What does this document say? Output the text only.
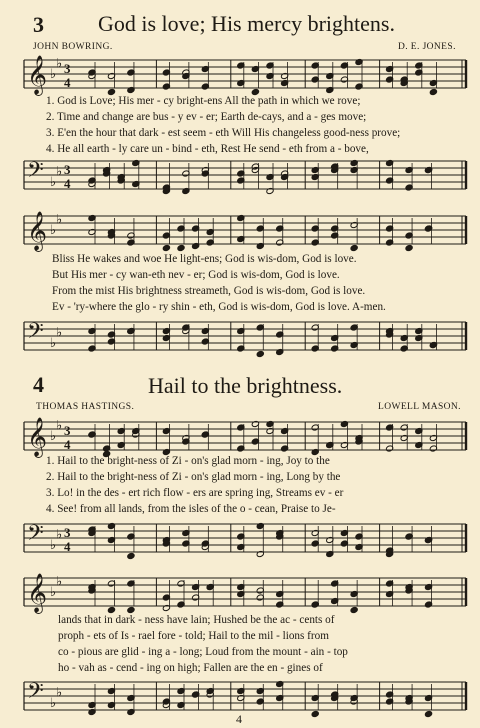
3 God is love; His mercy brightens.
JOHN BOWRING.	D. E. JONES.
𝄞 ♭
♭ 3
4
1. God is Love; His mer - cy bright-ens All the path in which we rove;
2. Time and change are bus - y ev - er; Earth de-cays, and a - ges move;
3. E'en the hour that dark - est seem - eth Will His changeless good-ness prove;
4. He all earth - ly care un - bind - eth, Rest He send - eth from a - bove,
𝄢 ♭
♭ 3
4
𝄞 ♭
♭
Bliss He wakes and woe He light-ens; God is wis-dom, God is love.
But His mer - cy wan-eth nev - er; God is wis-dom, God is love.
From the mist His brightness streameth, God is wis-dom, God is love.
Ev - 'ry-where the glo - ry shin - eth, God is wis-dom, God is love. A-men.
𝄢 ♭
♭
4	Hail to the brightness.
THOMAS HASTINGS.	LOWELL MASON.
𝄞 ♭
♭ 3
4
1. Hail to the bright-ness of Zi - on's glad morn - ing, Joy to the
2. Hail to the bright-ness of Zi - on's glad morn - ing, Long by the
3. Lo! in the des - ert rich flow - ers are spring ing, Streams ev - er
4. See! from all lands, from the isles of the o - cean, Praise to Je-
𝄢 ♭
♭ 3
4
𝄞 ♭
♭
lands that in dark - ness have lain; Hushed be the ac - cents of
proph - ets of Is - rael fore - told; Hail to the mil - lions from
co - pious are glid - ing a - long; Loud from the mount - ain - top
ho - vah as - cend - ing on high; Fallen are the en - gines of
𝄢 ♭
♭
4
